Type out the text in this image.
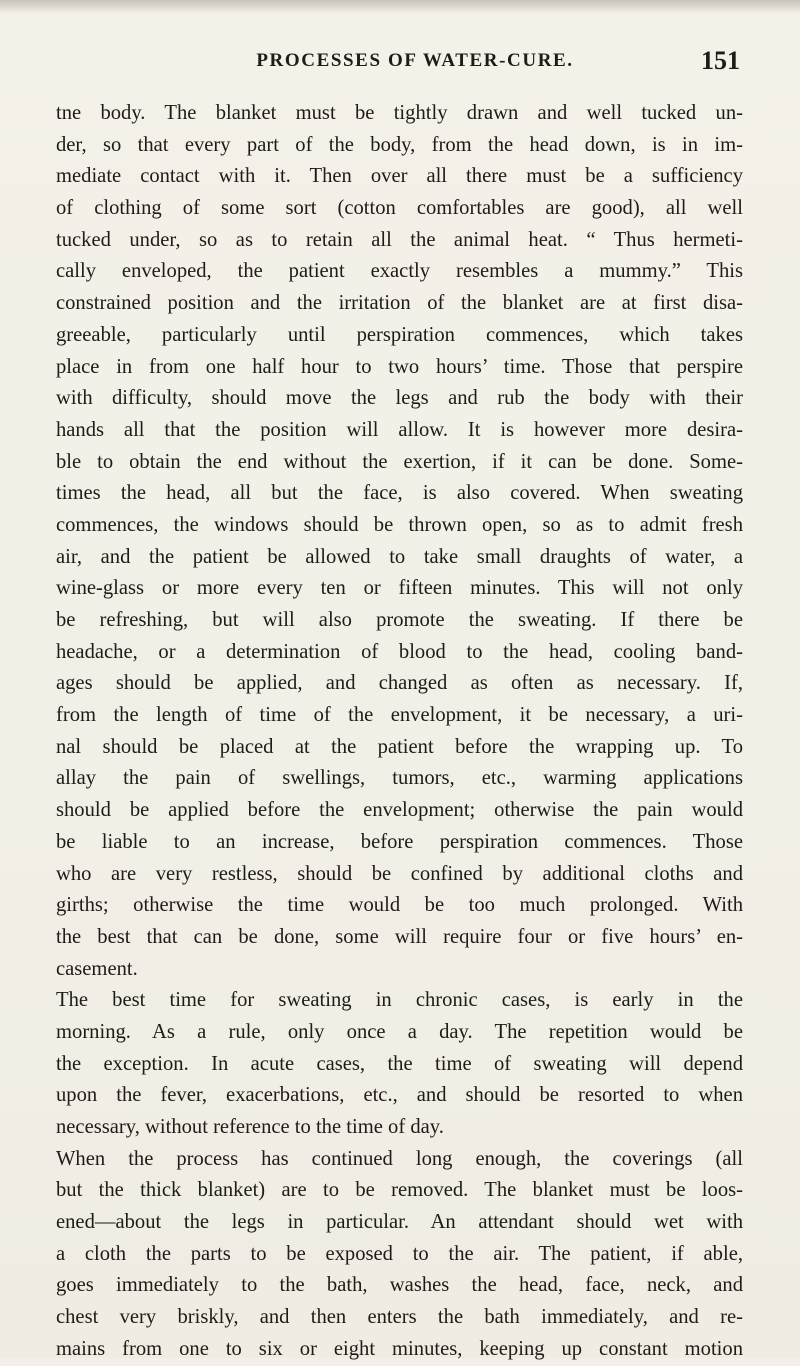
PROCESSES OF WATER-CURE.	151
tne body. The blanket must be tightly drawn and well tucked un-
der, so that every part of the body, from the head down, is in im-
mediate contact with it. Then over all there must be a sufficiency
of clothing of some sort (cotton comfortables are good), all well
tucked under, so as to retain all the animal heat. “ Thus hermeti-
cally enveloped, the patient exactly resembles a mummy.” This
constrained position and the irritation of the blanket are at first disa-
greeable, particularly until perspiration commences, which takes
place in from one half hour to two hours’ time. Those that perspire
with difficulty, should move the legs and rub the body with their
hands all that the position will allow. It is however more desira-
ble to obtain the end without the exertion, if it can be done. Some-
times the head, all but the face, is also covered. When sweating
commences, the windows should be thrown open, so as to admit fresh
air, and the patient be allowed to take small draughts of water, a
wine-glass or more every ten or fifteen minutes. This will not only
be refreshing, but will also promote the sweating. If there be
headache, or a determination of blood to the head, cooling band-
ages should be applied, and changed as often as necessary. If,
from the length of time of the envelopment, it be necessary, a uri-
nal should be placed at the patient before the wrapping up. To
allay the pain of swellings, tumors, etc., warming applications
should be applied before the envelopment; otherwise the pain would
be liable to an increase, before perspiration commences. Those
who are very restless, should be confined by additional cloths and
girths; otherwise the time would be too much prolonged. With
the best that can be done, some will require four or five hours’ en-
casement.
The best time for sweating in chronic cases, is early in the
morning. As a rule, only once a day. The repetition would be
the exception. In acute cases, the time of sweating will depend
upon the fever, exacerbations, etc., and should be resorted to when
necessary, without reference to the time of day.
When the process has continued long enough, the coverings (all
but the thick blanket) are to be removed. The blanket must be loos-
ened—about the legs in particular. An attendant should wet with
a cloth the parts to be exposed to the air. The patient, if able,
goes immediately to the bath, washes the head, face, neck, and
chest very briskly, and then enters the bath immediately, and re-
mains from one to six or eight minutes, keeping up constant motion
